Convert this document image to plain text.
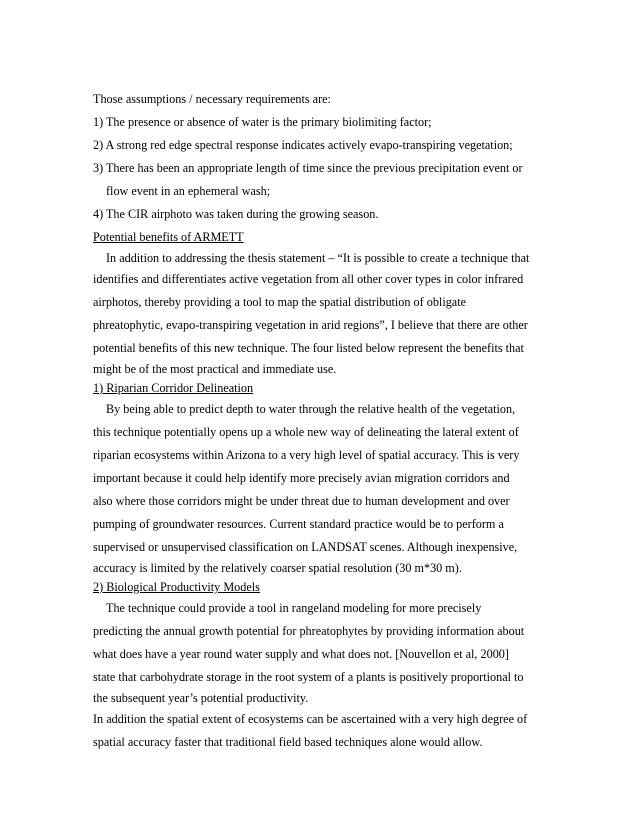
Those assumptions / necessary requirements are:
1) The presence or absence of water is the primary biolimiting factor;
2) A strong red edge spectral response indicates actively evapo-transpiring vegetation;
3) There has been an appropriate length of time since the previous precipitation event or
flow event in an ephemeral wash;
4) The CIR airphoto was taken during the growing season.
Potential benefits of ARMETT
In addition to addressing the thesis statement – “It is possible to create a technique that
identifies and differentiates active vegetation from all other cover types in color infrared
airphotos, thereby providing a tool to map the spatial distribution of obligate
phreatophytic, evapo-transpiring vegetation in arid regions”, I believe that there are other
potential benefits of this new technique. The four listed below represent the benefits that
might be of the most practical and immediate use.
1) Riparian Corridor Delineation
By being able to predict depth to water through the relative health of the vegetation,
this technique potentially opens up a whole new way of delineating the lateral extent of
riparian ecosystems within Arizona to a very high level of spatial accuracy. This is very
important because it could help identify more precisely avian migration corridors and
also where those corridors might be under threat due to human development and over
pumping of groundwater resources. Current standard practice would be to perform a
supervised or unsupervised classification on LANDSAT scenes. Although inexpensive,
accuracy is limited by the relatively coarser spatial resolution (30 m*30 m).
2) Biological Productivity Models
The technique could provide a tool in rangeland modeling for more precisely
predicting the annual growth potential for phreatophytes by providing information about
what does have a year round water supply and what does not. [Nouvellon et al, 2000]
state that carbohydrate storage in the root system of a plants is positively proportional to
the subsequent year’s potential productivity.
In addition the spatial extent of ecosystems can be ascertained with a very high degree of
spatial accuracy faster that traditional field based techniques alone would allow.
